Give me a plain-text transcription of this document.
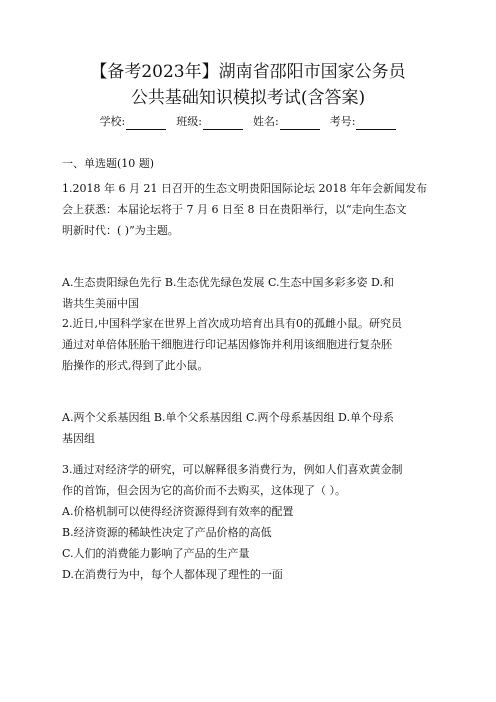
【备考2023年】湖南省邵阳市国家公务员
公共基础知识模拟考试(含答案)
学校:	班级:	姓名:	考号:
一、单选题(10 题)
1.2018 年 6 月 21 日召开的生态文明贵阳国际论坛 2018 年年会新闻发布
会上获悉：本届论坛将于 7 月 6 日至 8 日在贵阳举行，以“走向生态文
明新时代：( )”为主题。
A.生态贵阳绿色先行 B.生态优先绿色发展 C.生态中国多彩多姿 D.和
谐共生美丽中国
2.近日,中国科学家在世界上首次成功培育出具有0的孤雌小鼠。研究员
通过对单倍体胚胎干细胞进行印记基因修饰并利用该细胞进行复杂胚
胎操作的形式,得到了此小鼠。
A.两个父系基因组 B.单个父系基因组 C.两个母系基因组 D.单个母系
基因组
3.通过对经济学的研究，可以解释很多消费行为，例如人们喜欢黄金制
作的首饰，但会因为它的高价而不去购买，这体现了（ ）。
A.价格机制可以使得经济资源得到有效率的配置
B.经济资源的稀缺性决定了产品价格的高低
C.人们的消费能力影响了产品的生产量
D.在消费行为中，每个人都体现了理性的一面
